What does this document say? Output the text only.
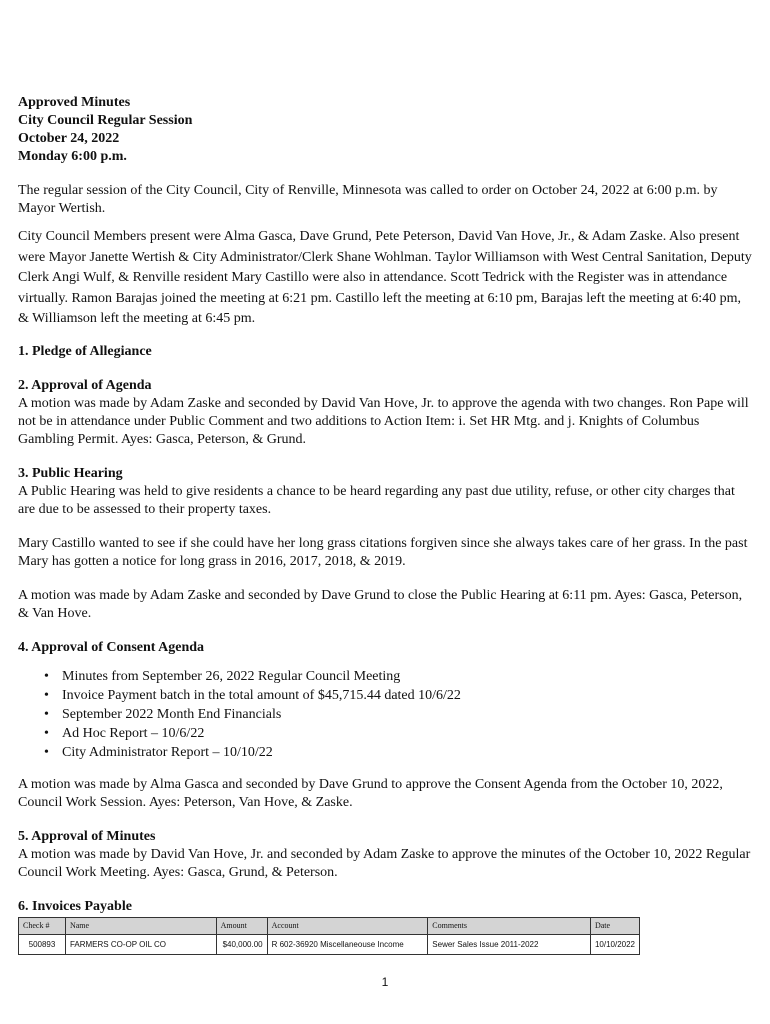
Approved Minutes
City Council Regular Session
October 24, 2022
Monday 6:00 p.m.

The regular session of the City Council, City of Renville, Minnesota was called to order on October 24, 2022 at 6:00 p.m. by Mayor Wertish.

City Council Members present were Alma Gasca, Dave Grund, Pete Peterson, David Van Hove, Jr., & Adam Zaske. Also present were Mayor Janette Wertish & City Administrator/Clerk Shane Wohlman. Taylor Williamson with West Central Sanitation, Deputy Clerk Angi Wulf, & Renville resident Mary Castillo were also in attendance. Scott Tedrick with the Register was in attendance virtually. Ramon Barajas joined the meeting at 6:21 pm. Castillo left the meeting at 6:10 pm, Barajas left the meeting at 6:40 pm, & Williamson left the meeting at 6:45 pm.

1. Pledge of Allegiance
2. Approval of Agenda

A motion was made by Adam Zaske and seconded by David Van Hove, Jr. to approve the agenda with two changes. Ron Pape will not be in attendance under Public Comment and two additions to Action Item: i. Set HR Mtg. and j. Knights of Columbus Gambling Permit. Ayes: Gasca, Peterson, & Grund.

3. Public Hearing

A Public Hearing was held to give residents a chance to be heard regarding any past due utility, refuse, or other city charges that are due to be assessed to their property taxes.

Mary Castillo wanted to see if she could have her long grass citations forgiven since she always takes care of her grass. In the past Mary has gotten a notice for long grass in 2016, 2017, 2018, & 2019.

A motion was made by Adam Zaske and seconded by Dave Grund to close the Public Hearing at 6:11 pm. Ayes: Gasca, Peterson, & Van Hove.

4. Approval of Consent Agenda
• Minutes from September 26, 2022 Regular Council Meeting
• Invoice Payment batch in the total amount of $45,715.44 dated 10/6/22
• September 2022 Month End Financials
• Ad Hoc Report – 10/6/22
• City Administrator Report – 10/10/22

A motion was made by Alma Gasca and seconded by Dave Grund to approve the Consent Agenda from the October 10, 2022, Council Work Session. Ayes: Peterson, Van Hove, & Zaske.

5. Approval of Minutes

A motion was made by David Van Hove, Jr. and seconded by Adam Zaske to approve the minutes of the October 10, 2022 Regular Council Work Meeting. Ayes: Gasca, Grund, & Peterson.

6. Invoices Payable
Check #	Name	Amount	Account	Comments	Date
500893	FARMERS CO-OP OIL CO	$40,000.00	R 602-36920 Miscellaneouse Income	Sewer Sales Issue 2011-2022	10/10/2022
1
